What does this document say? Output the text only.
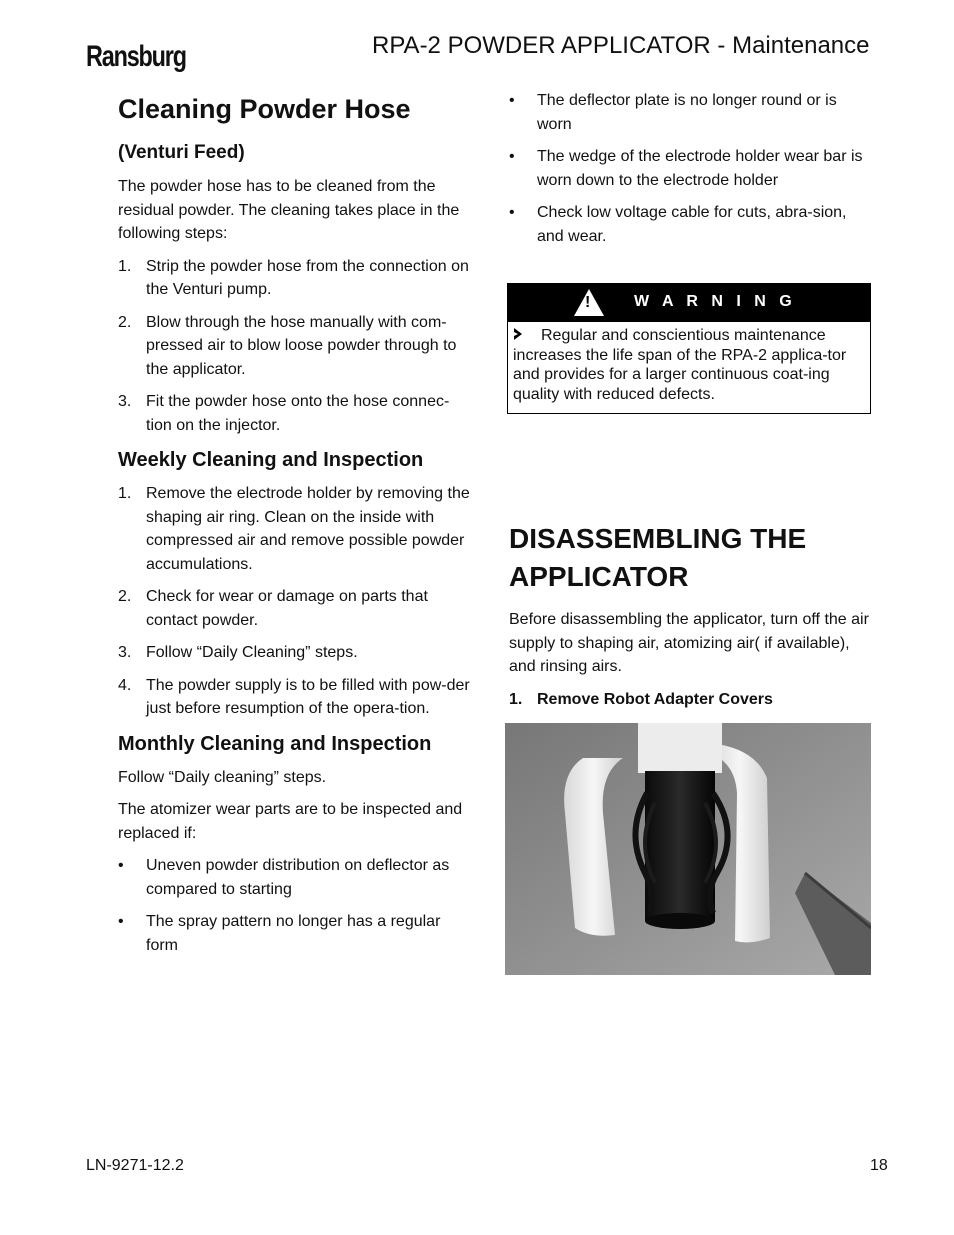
Ransburg	RPA-2 POWDER APPLICATOR - Maintenance
Cleaning Powder Hose
(Venturi Feed)

The powder hose has to be cleaned from the residual powder. The cleaning takes place in the following steps:

1. Strip the powder hose from the connection on the Venturi pump.
2. Blow through the hose manually with com-pressed air to blow loose powder through to the applicator.
3. Fit the powder hose onto the hose connec-tion on the injector.
Weekly Cleaning and Inspection
1. Remove the electrode holder by removing the shaping air ring. Clean on the inside with compressed air and remove possible powder accumulations.
2. Check for wear or damage on parts that contact powder.
3. Follow “Daily Cleaning” steps.
4. The powder supply is to be filled with pow-der just before resumption of the opera-tion.
Monthly Cleaning and Inspection

Follow “Daily cleaning” steps.

The atomizer wear parts are to be inspected and    replaced if:

• Uneven powder distribution on deflector as compared to starting
• The spray pattern no longer has a regular form
• The deflector plate is no longer round or is worn
• The wedge of the electrode holder wear bar is worn down to the electrode holder
• Check low voltage cable for cuts, abra-sion, and wear.
!	W A R N I N G
Regular and conscientious maintenance increases the life span of the RPA-2 applica-tor and provides for a larger continuous coat-ing quality with reduced defects.
DISASSEMBLING THE
APPLICATOR

Before disassembling the applicator, turn off the air supply to shaping air, atomizing air( if available), and rinsing airs.

1. Remove Robot Adapter Covers
LN-9271-12.2	18
